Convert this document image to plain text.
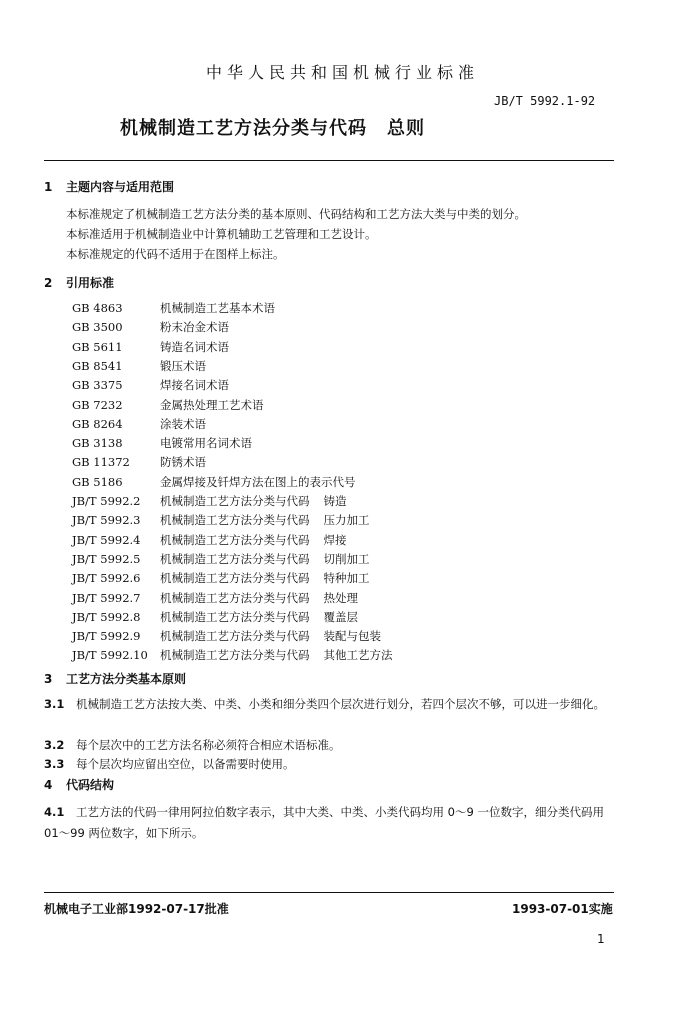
中华人民共和国机械行业标准
JB/T 5992.1-92
机械制造工艺方法分类与代码 总则
1 主题内容与适用范围
本标准规定了机械制造工艺方法分类的基本原则、代码结构和工艺方法大类与中类的划分。
本标准适用于机械制造业中计算机辅助工艺管理和工艺设计。
本标准规定的代码不适用于在图样上标注。
2 引用标准
GB 4863	机械制造工艺基本术语
GB 3500	粉末冶金术语
GB 5611	铸造名词术语
GB 8541	锻压术语
GB 3375	焊接名词术语
GB 7232	金属热处理工艺术语
GB 8264	涂装术语
GB 3138	电镀常用名词术语
GB 11372	防锈术语
GB 5186	金属焊接及钎焊方法在图上的表示代号
JB/T 5992.2 机械制造工艺方法分类与代码 铸造
JB/T 5992.3 机械制造工艺方法分类与代码 压力加工
JB/T 5992.4 机械制造工艺方法分类与代码 焊接
JB/T 5992.5 机械制造工艺方法分类与代码 切削加工
JB/T 5992.6 机械制造工艺方法分类与代码 特种加工
JB/T 5992.7 机械制造工艺方法分类与代码 热处理
JB/T 5992.8 机械制造工艺方法分类与代码 覆盖层
JB/T 5992.9 机械制造工艺方法分类与代码 装配与包装
JB/T 5992.10 机械制造工艺方法分类与代码 其他工艺方法
3 工艺方法分类基本原则
3.1 机械制造工艺方法按大类、中类、小类和细分类四个层次进行划分，若四个层次不够，可以进一步细化。
3.2 每个层次中的工艺方法名称必须符合相应术语标准。
3.3 每个层次均应留出空位，以备需要时使用。
4 代码结构
4.1 工艺方法的代码一律用阿拉伯数字表示，其中大类、中类、小类代码均用 0～9 一位数字，细分类代码用 01～99 两位数字，如下所示。
机械电子工业部1992-07-17批准	1993-07-01实施
1
